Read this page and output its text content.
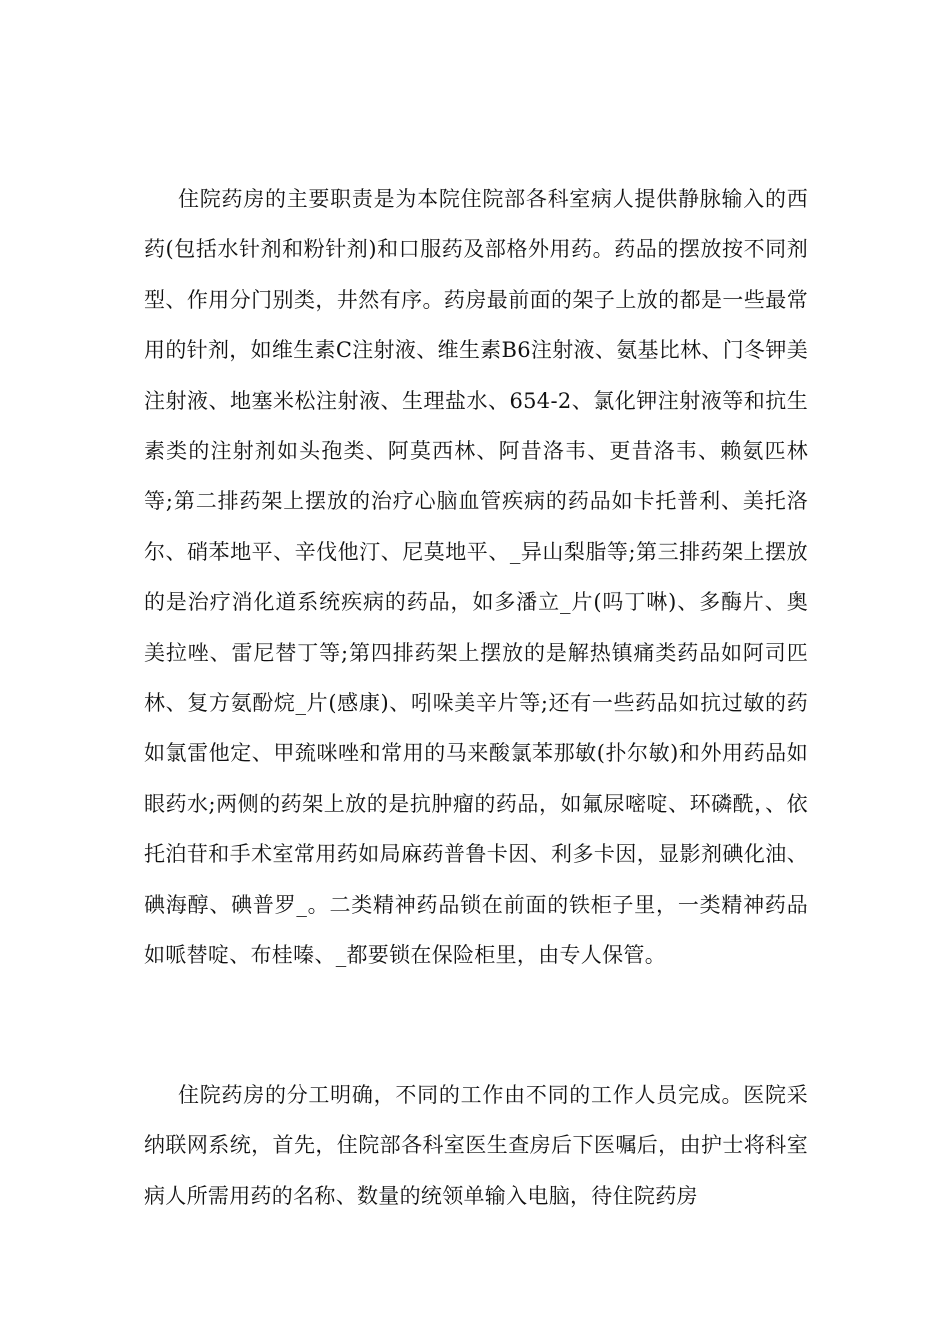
住院药房的主要职责是为本院住院部各科室病人提供静脉输入的西药(包括水针剂和粉针剂)和口服药及部格外用药。药品的摆放按不同剂型、作用分门别类，井然有序。药房最前面的架子上放的都是一些最常用的针剂，如维生素C注射液、维生素B6注射液、氨基比林、门冬钾美注射液、地塞米松注射液、生理盐水、654-2、氯化钾注射液等和抗生素类的注射剂如头孢类、阿莫西林、阿昔洛韦、更昔洛韦、赖氨匹林等;第二排药架上摆放的治疗心脑血管疾病的药品如卡托普利、美托洛尔、硝苯地平、辛伐他汀、尼莫地平、_异山梨脂等;第三排药架上摆放的是治疗消化道系统疾病的药品，如多潘立_片(吗丁啉)、多酶片、奥美拉唑、雷尼替丁等;第四排药架上摆放的是解热镇痛类药品如阿司匹林、复方氨酚烷_片(感康)、吲哚美辛片等;还有一些药品如抗过敏的药如氯雷他定、甲巯咪唑和常用的马来酸氯苯那敏(扑尔敏)和外用药品如眼药水;两侧的药架上放的是抗肿瘤的药品，如氟尿嘧啶、环磷酰，、依托泊苷和手术室常用药如局麻药普鲁卡因、利多卡因，显影剂碘化油、碘海醇、碘普罗_。二类精神药品锁在前面的铁柜子里，一类精神药品如哌替啶、布桂嗪、_都要锁在保险柜里，由专人保管。

住院药房的分工明确，不同的工作由不同的工作人员完成。医院采纳联网系统，首先，住院部各科室医生查房后下医嘱后，由护士将科室病人所需用药的名称、数量的统领单输入电脑，待住院药房
